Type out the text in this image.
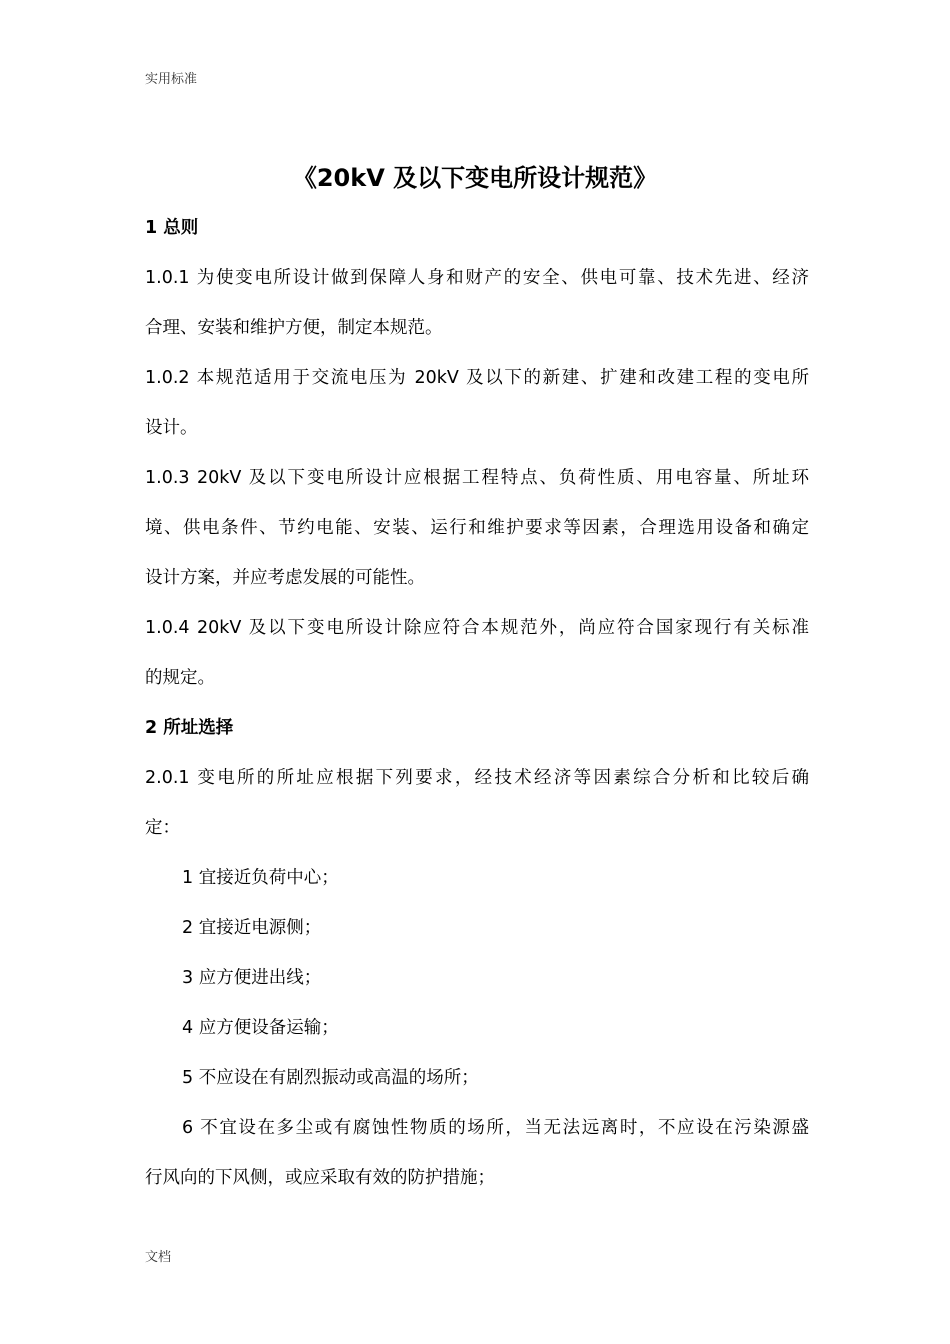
实用标准
《20kV 及以下变电所设计规范》
1 总则
1.0.1 为使变电所设计做到保障人身和财产的安全、供电可靠、技术先进、经济
合理、安装和维护方便，制定本规范。
1.0.2 本规范适用于交流电压为 20kV 及以下的新建、扩建和改建工程的变电所
设计。
1.0.3 20kV 及以下变电所设计应根据工程特点、负荷性质、用电容量、所址环
境、供电条件、节约电能、安装、运行和维护要求等因素，合理选用设备和确定
设计方案，并应考虑发展的可能性。
1.0.4 20kV 及以下变电所设计除应符合本规范外，尚应符合国家现行有关标准
的规定。
2 所址选择
2.0.1 变电所的所址应根据下列要求，经技术经济等因素综合分析和比较后确
定：
1 宜接近负荷中心；
2 宜接近电源侧；
3 应方便进出线；
4 应方便设备运输；
5 不应设在有剧烈振动或高温的场所；
6 不宜设在多尘或有腐蚀性物质的场所，当无法远离时，不应设在污染源盛
行风向的下风侧，或应采取有效的防护措施；
文档
